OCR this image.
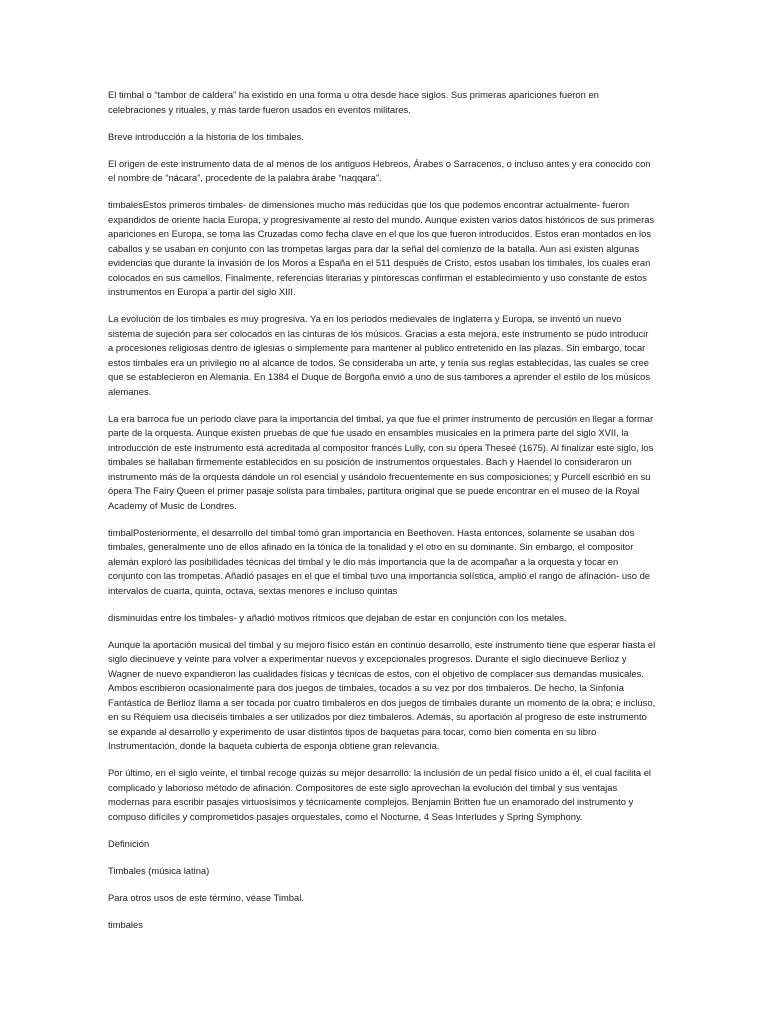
El timbal o “tambor de caldera” ha existido en una forma u otra desde hace siglos. Sus primeras apariciones fueron en celebraciones y rituales, y más tarde fueron usados en eventos militares.

Breve introducción a la historia de los timbales.

El origen de este instrumento data de al menos de los antiguos Hebreos, Árabes o Sarracenos, o incluso antes y era conocido con el nombre de “nácara”, procedente de la palabra árabe “naqqara”.

timbalesEstos primeros timbales- de dimensiones mucho más reducidas que los que podemos encontrar actualmente- fueron expandidos de oriente hacia Europa, y progresivamente al resto del mundo. Aunque existen varios datos históricos de sus primeras apariciones en Europa, se toma las Cruzadas como fecha clave en el que los que fueron introducidos. Estos eran montados en los caballos y se usaban en conjunto con las trompetas largas para dar la señal del comienzo de la batalla. Aun así existen algunas evidencias que durante la invasión de los Moros a España en el 511 después de Cristo, estos usaban los timbales, los cuales eran colocados en sus camellos. Finalmente, referencias literarias y pintorescas confirman el establecimiento y uso constante de estos instrumentos en Europa a partir del siglo XIII.

La evolución de los timbales es muy progresiva. Ya en los periodos medievales de Inglaterra y Europa, se inventó un nuevo sistema de sujeción para ser colocados en las cinturas de los músicos. Gracias a esta mejora, este instrumento se pudo introducir a procesiones religiosas dentro de iglesias o simplemente para mantener al publico entretenido en las plazas. Sin embargo, tocar estos timbales era un privilegio no al alcance de todos. Se consideraba un arte, y tenía sus reglas establecidas, las cuales se cree que se establecieron en Alemania. En 1384 el Duque de Borgoña envió a uno de sus tambores a aprender el estilo de los músicos alemanes.

La era barroca fue un periodo clave para la importancia del timbal, ya que fue el primer instrumento de percusión en llegar a formar parte de la orquesta. Aunque existen pruebas de que fue usado en ensambles musicales en la primera parte del siglo XVII, la introducción de este instrumento está acreditada al compositor francés Lully, con su ópera Theseé (1675). Al finalizar este siglo, los timbales se hallaban firmemente establecidos en su posición de instrumentos orquestales. Bach y Haendel lo consideraron un instrumento más de la orquesta dándole un rol esencial y usándolo frecuentemente en sus composiciones; y Purcell escribió en su ópera The Fairy Queen el primer pasaje solista para timbales, partitura original que se puede encontrar en el museo de la Royal Academy of Music de Londres.

timbalPosteriormente, el desarrollo del timbal tomó gran importancia en Beethoven. Hasta entonces, solamente se usaban dos timbales, generalmente uno de ellos afinado en la tónica de la tonalidad y el otro en su dominante. Sin embargo, el compositor alemán exploró las posibilidades técnicas del timbal y le dio más importancia que la de acompañar a la orquesta y tocar en conjunto con las trompetas. Añadió pasajes en el que el timbal tuvo una importancia solística, amplió el rango de afinación- uso de intervalos de cuarta, quinta, octava, sextas menores e incluso quintas

disminuidas entre los timbales- y añadió motivos rítmicos que dejaban de estar en conjunción con los metales.

Aunque la aportación musical del timbal y su mejoro físico están en continuo desarrollo, este instrumento tiene que esperar hasta el siglo diecinueve y veinte para volver a experimentar nuevos y excepcionales progresos. Durante el siglo diecinueve Berlioz y Wagner de nuevo expandieron las cualidades físicas y técnicas de estos, con el objetivo de complacer sus demandas musicales. Ambos escribieron ocasionalmente para dos juegos de timbales, tocados a su vez por dos timbaleros. De hecho, la Sinfonía Fantástica de Berlioz llama a ser tocada por cuatro timbaleros en dos juegos de timbales durante un momento de la obra; e incluso, en su Réquiem usa dieciséis timbales a ser utilizados por diez timbaleros. Además, su aportación al progreso de este instrumento se expande al desarrollo y experimento de usar distintos tipos de baquetas para tocar, como bien comenta en su libro Instrumentación, donde la baqueta cubierta de esponja obtiene gran relevancia.

Por último, en el siglo veinte, el timbal recoge quizás su mejor desarrollo: la inclusión de un pedal físico unido a él, el cual facilita el complicado y laborioso método de afinación. Compositores de este siglo aprovechan la evolución del timbal y sus ventajas modernas para escribir pasajes virtuosísimos y técnicamente complejos. Benjamin Britten fue un enamorado del instrumento y compuso difíciles y comprometidos pasajes orquestales, como el Nocturne, 4 Seas Interludes y Spring Symphony.

Definición

Timbales (música latina)

Para otros usos de este término, véase Timbal.

timbales
